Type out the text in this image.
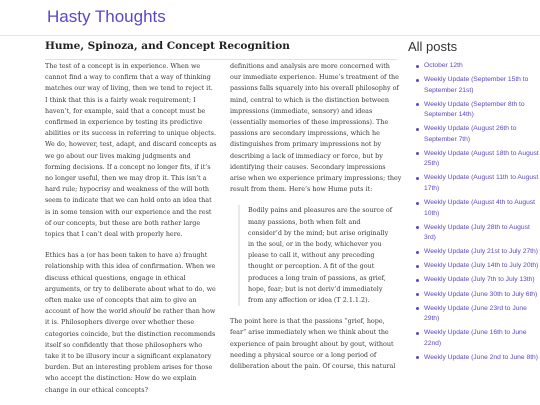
Hasty Thoughts
Hume, Spinoza, and Concept Recognition

The test of a concept is in experience. When we cannot find a way to confirm that a way of thinking matches our way of living, then we tend to reject it. I think that this is a fairly weak requirement; I haven’t, for example, said that a concept must be confirmed in experience by testing its predictive abilities or its success in referring to unique objects. We do, however, test, adapt, and discard concepts as we go about our lives making judgments and forming decisions. If a concept no longer fits, if it’s no longer useful, then we may drop it. This isn’t a hard rule; hypocrisy and weakness of the will both seem to indicate that we can hold onto an idea that is in some tension with our experience and the rest of our concepts, but these are both rather large topics that I can’t deal with properly here.

Ethics has a (or has been taken to have a) fraught relationship with this idea of confirmation. When we discuss ethical questions, engage in ethical arguments, or try to deliberate about what to do, we often make use of concepts that aim to give an account of how the world should be rather than how it is. Philosophers diverge over whether these categories coincide, but the distinction recommends itself so confidently that those philosophers who take it to be illusory incur a significant explanatory burden. But an interesting problem arises for those who accept the distinction: How do we explain change in our ethical concepts?

definitions and analysis are more concerned with our immediate experience. Hume’s treatment of the passions falls squarely into his overall philosophy of mind, central to which is the distinction between impressions (immediate, sensory) and ideas (essentially memories of these impressions). The passions are secondary impressions, which he distinguishes from primary impressions not by describing a lack of immediacy or force, but by identifying their causes. Secondary impressions arise when we experience primary impressions; they result from them. Here’s how Hume puts it:

Bodily pains and pleasures are the source of
many passions, both when felt and
consider’d by the mind; but arise originally
in the soul, or in the body, whichever you
please to call it, without any preceding
thought or perception. A fit of the gout
produces a long train of passions, as grief,
hope, fear; but is not deriv’d immediately
from any affection or idea (T 2.1.1.2).

The point here is that the passions “grief, hope, fear” arise immediately when we think about the experience of pain brought about by gout, without needing a physical source or a long period of deliberation about the pain. Of course, this natural

All posts
October 12th
Weekly Update (September 15th to September 21st)
Weekly Update (September 8th to September 14th)
Weekly Update (August 26th to September 7th)
Weekly Update (August 18th to August 25th)
Weekly Update (August 11th to August 17th)
Weekly Update (August 4th to August 10th)
Weekly Update (July 28th to August 3rd)
Weekly Update (July 21st to July 27th)
Weekly Update (July 14th to July 20th)
Weekly Update (July 7th to July 13th)
Weekly Update (June 30th to July 6th)
Weekly Update (June 23rd to June 29th)
Weekly Update (June 16th to June 22nd)
Weekly Update (June 2nd to June 8th)
